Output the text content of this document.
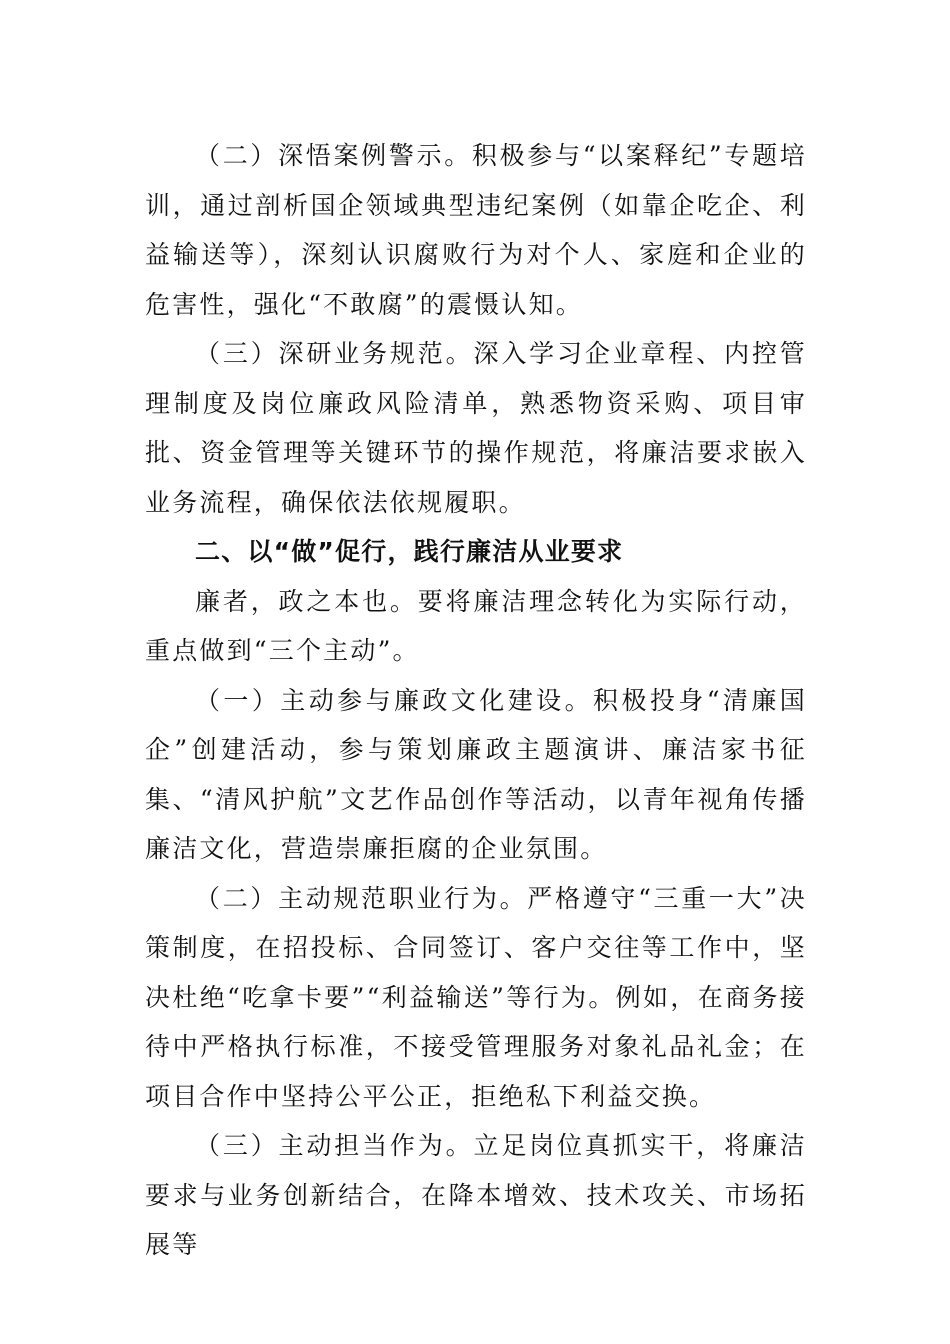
（二）深悟案例警示。积极参与“以案释纪”专题培训，通过剖析国企领域典型违纪案例（如靠企吃企、利益输送等），深刻认识腐败行为对个人、家庭和企业的危害性，强化“不敢腐”的震慑认知。

（三）深研业务规范。深入学习企业章程、内控管理制度及岗位廉政风险清单，熟悉物资采购、项目审批、资金管理等关键环节的操作规范，将廉洁要求嵌入业务流程，确保依法依规履职。

二、以“做”促行，践行廉洁从业要求

廉者，政之本也。要将廉洁理念转化为实际行动，重点做到“三个主动”。

（一）主动参与廉政文化建设。积极投身“清廉国企”创建活动，参与策划廉政主题演讲、廉洁家书征集、“清风护航”文艺作品创作等活动，以青年视角传播廉洁文化，营造崇廉拒腐的企业氛围。

（二）主动规范职业行为。严格遵守“三重一大”决策制度，在招投标、合同签订、客户交往等工作中，坚决杜绝“吃拿卡要”“利益输送”等行为。例如，在商务接待中严格执行标准，不接受管理服务对象礼品礼金；在项目合作中坚持公平公正，拒绝私下利益交换。

（三）主动担当作为。立足岗位真抓实干，将廉洁要求与业务创新结合，在降本增效、技术攻关、市场拓展等
